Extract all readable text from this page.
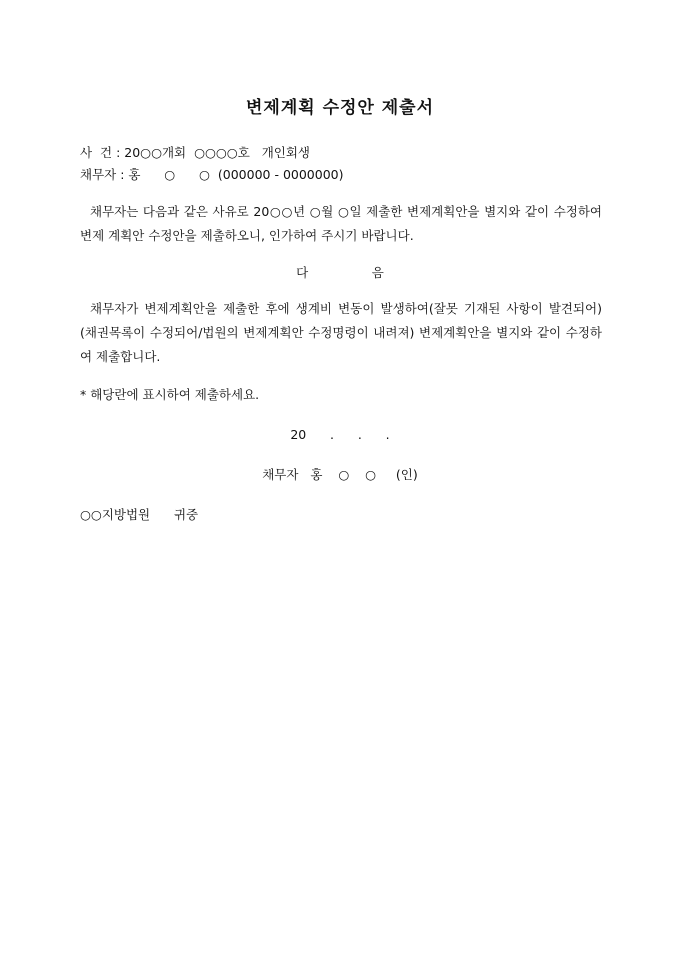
변제계획 수정안 제출서
사  건 : 20○○개회  ○○○○호   개인회생
채무자 : 홍      ○      ○  (000000 - 0000000)
채무자는 다음과 같은 사유로 20○○년 ○월 ○일 제출한 변제계획안을 별지와 같이 수정하여 변제 계획안 수정안을 제출하오니, 인가하여 주시기 바랍니다.
다                음
채무자가 변제계획안을 제출한 후에 생계비 변동이 발생하여(잘못 기재된 사항이 발견되어) (채권목록이 수정되어/법원의 변제계획안 수정명령이 내려져) 변제계획안을 별지와 같이 수정하여 제출합니다.
* 해당란에 표시하여 제출하세요.
20      .      .      .
채무자   홍    ○    ○     (인)
○○지방법원      귀중
